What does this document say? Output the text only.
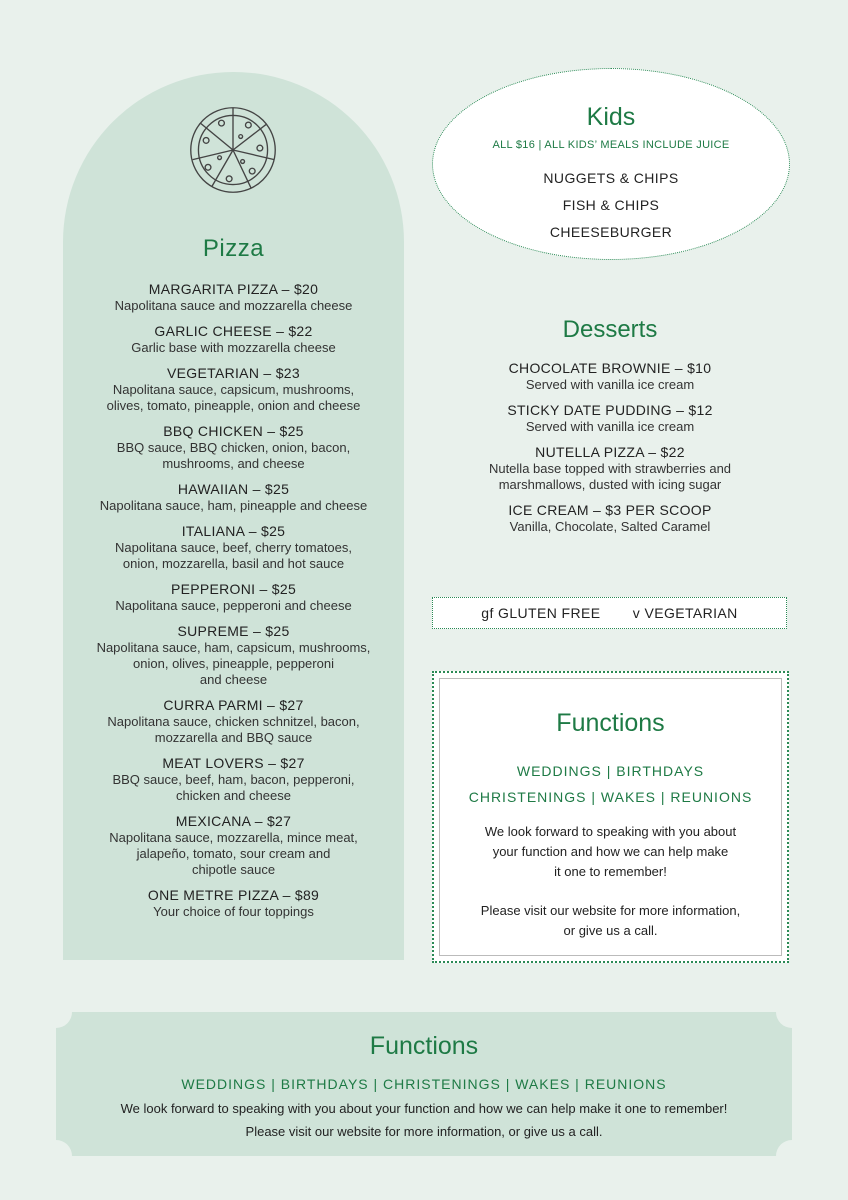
Pizza
MARGARITA PIZZA – $20
Napolitana sauce and mozzarella cheese
GARLIC CHEESE – $22
Garlic base with mozzarella cheese
VEGETARIAN – $23
Napolitana sauce, capsicum, mushrooms,
olives, tomato, pineapple, onion and cheese
BBQ CHICKEN – $25
BBQ sauce, BBQ chicken, onion, bacon,
mushrooms, and cheese
HAWAIIAN – $25
Napolitana sauce, ham, pineapple and cheese
ITALIANA – $25
Napolitana sauce, beef, cherry tomatoes,
onion, mozzarella, basil and hot sauce
PEPPERONI – $25
Napolitana sauce, pepperoni and cheese
SUPREME – $25
Napolitana sauce, ham, capsicum, mushrooms,
onion, olives, pineapple, pepperoni
and cheese
CURRA PARMI – $27
Napolitana sauce, chicken schnitzel, bacon,
mozzarella and BBQ sauce
MEAT LOVERS – $27
BBQ sauce, beef, ham, bacon, pepperoni,
chicken and cheese
MEXICANA – $27
Napolitana sauce, mozzarella, mince meat,
jalapeño, tomato, sour cream and
chipotle sauce
ONE METRE PIZZA – $89
Your choice of four toppings
Kids
ALL $16 | ALL KIDS’ MEALS INCLUDE JUICE
NUGGETS & CHIPS
FISH & CHIPS
CHEESEBURGER
Desserts
CHOCOLATE BROWNIE – $10
Served with vanilla ice cream
STICKY DATE PUDDING – $12
Served with vanilla ice cream
NUTELLA PIZZA – $22
Nutella base topped with strawberries and
marshmallows, dusted with icing sugar
ICE CREAM – $3 PER SCOOP
Vanilla, Chocolate, Salted Caramel
gf GLUTEN FREE v VEGETARIAN
Functions
WEDDINGS | BIRTHDAYS
CHRISTENINGS | WAKES | REUNIONS
We look forward to speaking with you about
your function and how we can help make
it one to remember!
Please visit our website for more information,
or give us a call.
Functions
WEDDINGS | BIRTHDAYS | CHRISTENINGS | WAKES | REUNIONS
We look forward to speaking with you about your function and how we can help make it one to remember!
Please visit our website for more information, or give us a call.
